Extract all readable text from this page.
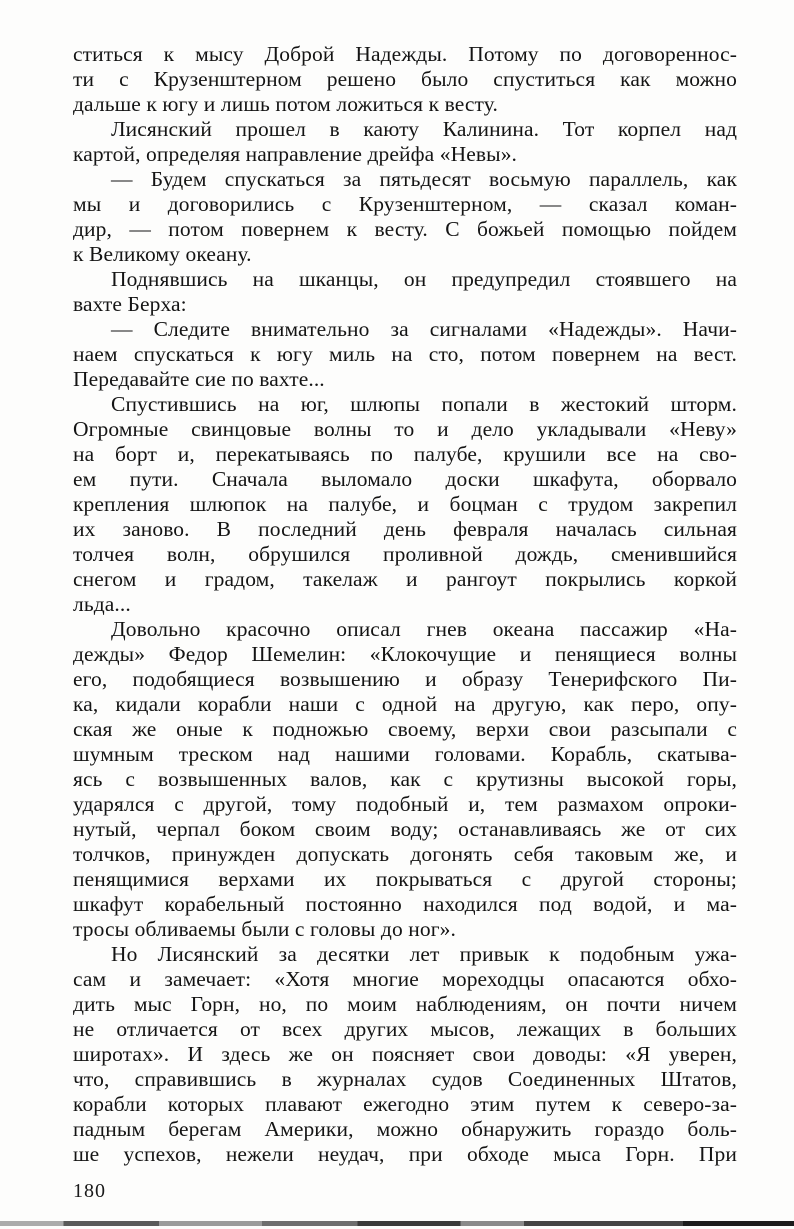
ститься к мысу Доброй Надежды. Потому по договореннос-
ти с Крузенштерном решено было спуститься как можно
дальше к югу и лишь потом ложиться к весту.
Лисянский прошел в каюту Калинина. Тот корпел над
картой, определяя направление дрейфа «Невы».
— Будем спускаться за пятьдесят восьмую параллель, как
мы и договорились с Крузенштерном, — сказал коман-
дир, — потом повернем к весту. С божьей помощью пойдем
к Великому океану.
Поднявшись на шканцы, он предупредил стоявшего на
вахте Берха:
— Следите внимательно за сигналами «Надежды». Начи-
наем спускаться к югу миль на сто, потом повернем на вест.
Передавайте сие по вахте...
Спустившись на юг, шлюпы попали в жестокий шторм.
Огромные свинцовые волны то и дело укладывали «Неву»
на борт и, перекатываясь по палубе, крушили все на сво-
ем пути. Сначала выломало доски шкафута, оборвало
крепления шлюпок на палубе, и боцман с трудом закрепил
их заново. В последний день февраля началась сильная
толчея волн, обрушился проливной дождь, сменившийся
снегом и градом, такелаж и рангоут покрылись коркой
льда...
Довольно красочно описал гнев океана пассажир «На-
дежды» Федор Шемелин: «Клокочущие и пенящиеся волны
его, подобящиеся возвышению и образу Тенерифского Пи-
ка, кидали корабли наши с одной на другую, как перо, опу-
ская же оные к подножью своему, верхи свои разсыпали с
шумным треском над нашими головами. Корабль, скатыва-
ясь с возвышенных валов, как с крутизны высокой горы,
ударялся с другой, тому подобный и, тем размахом опроки-
нутый, черпал боком своим воду; останавливаясь же от сих
толчков, принужден допускать догонять себя таковым же, и
пенящимися верхами их покрываться с другой стороны;
шкафут корабельный постоянно находился под водой, и ма-
тросы обливаемы были с головы до ног».
Но Лисянский за десятки лет привык к подобным ужа-
сам и замечает: «Хотя многие мореходцы опасаются обхо-
дить мыс Горн, но, по моим наблюдениям, он почти ничем
не отличается от всех других мысов, лежащих в больших
широтах». И здесь же он поясняет свои доводы: «Я уверен,
что, справившись в журналах судов Соединенных Штатов,
корабли которых плавают ежегодно этим путем к северо-за-
падным берегам Америки, можно обнаружить гораздо боль-
ше успехов, нежели неудач, при обходе мыса Горн. При
180
